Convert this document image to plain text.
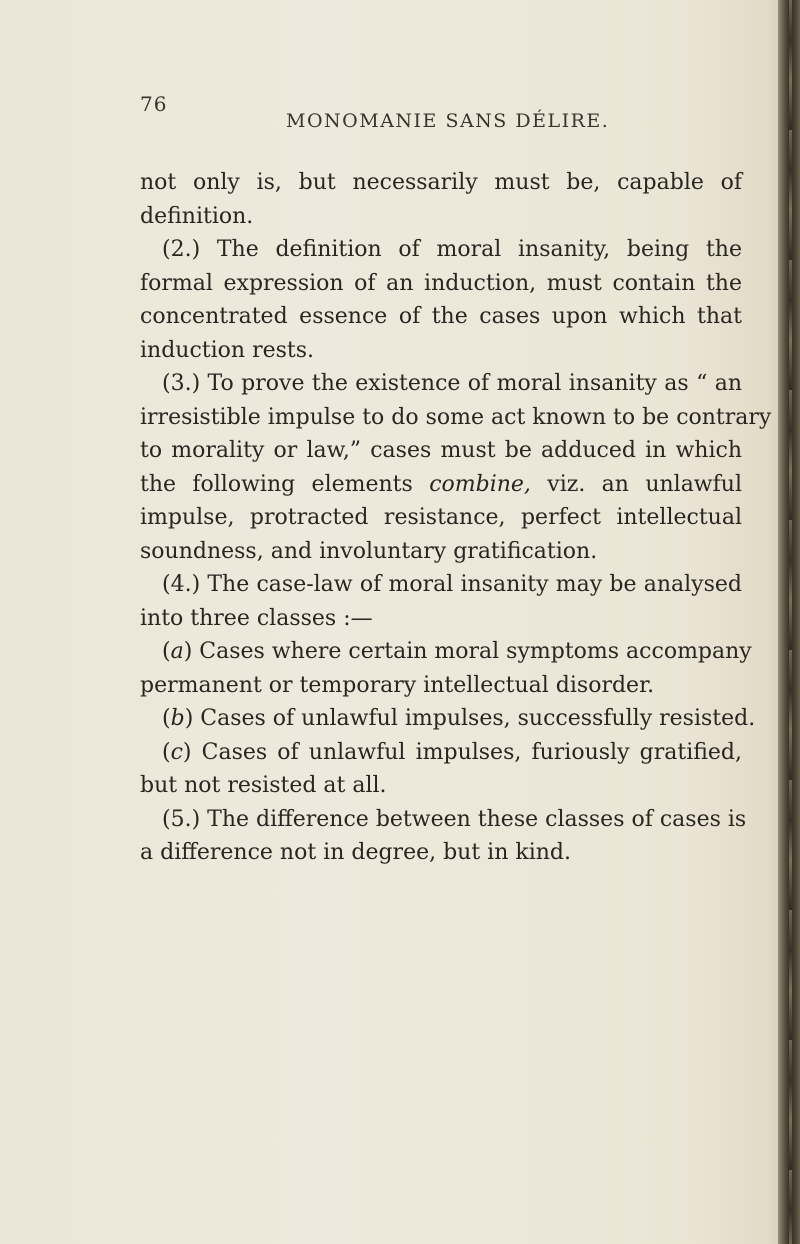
76
MONOMANIE SANS DÉLIRE.
not only is, but necessarily must be, capable of
definition.
(2.) The definition of moral insanity, being the
formal expression of an induction, must contain the
concentrated essence of the cases upon which that
induction rests.
(3.) To prove the existence of moral insanity as “ an
irresistible impulse to do some act known to be contrary
to morality or law,” cases must be adduced in which
the following elements combine, viz. an unlawful
impulse, protracted resistance, perfect intellectual
soundness, and involuntary gratification.
(4.) The case-law of moral insanity may be analysed
into three classes :—
(a) Cases where certain moral symptoms accompany
permanent or temporary intellectual disorder.
(b) Cases of unlawful impulses, successfully resisted.
(c) Cases of unlawful impulses, furiously gratified,
but not resisted at all.
(5.) The difference between these classes of cases is
a difference not in degree, but in kind.
